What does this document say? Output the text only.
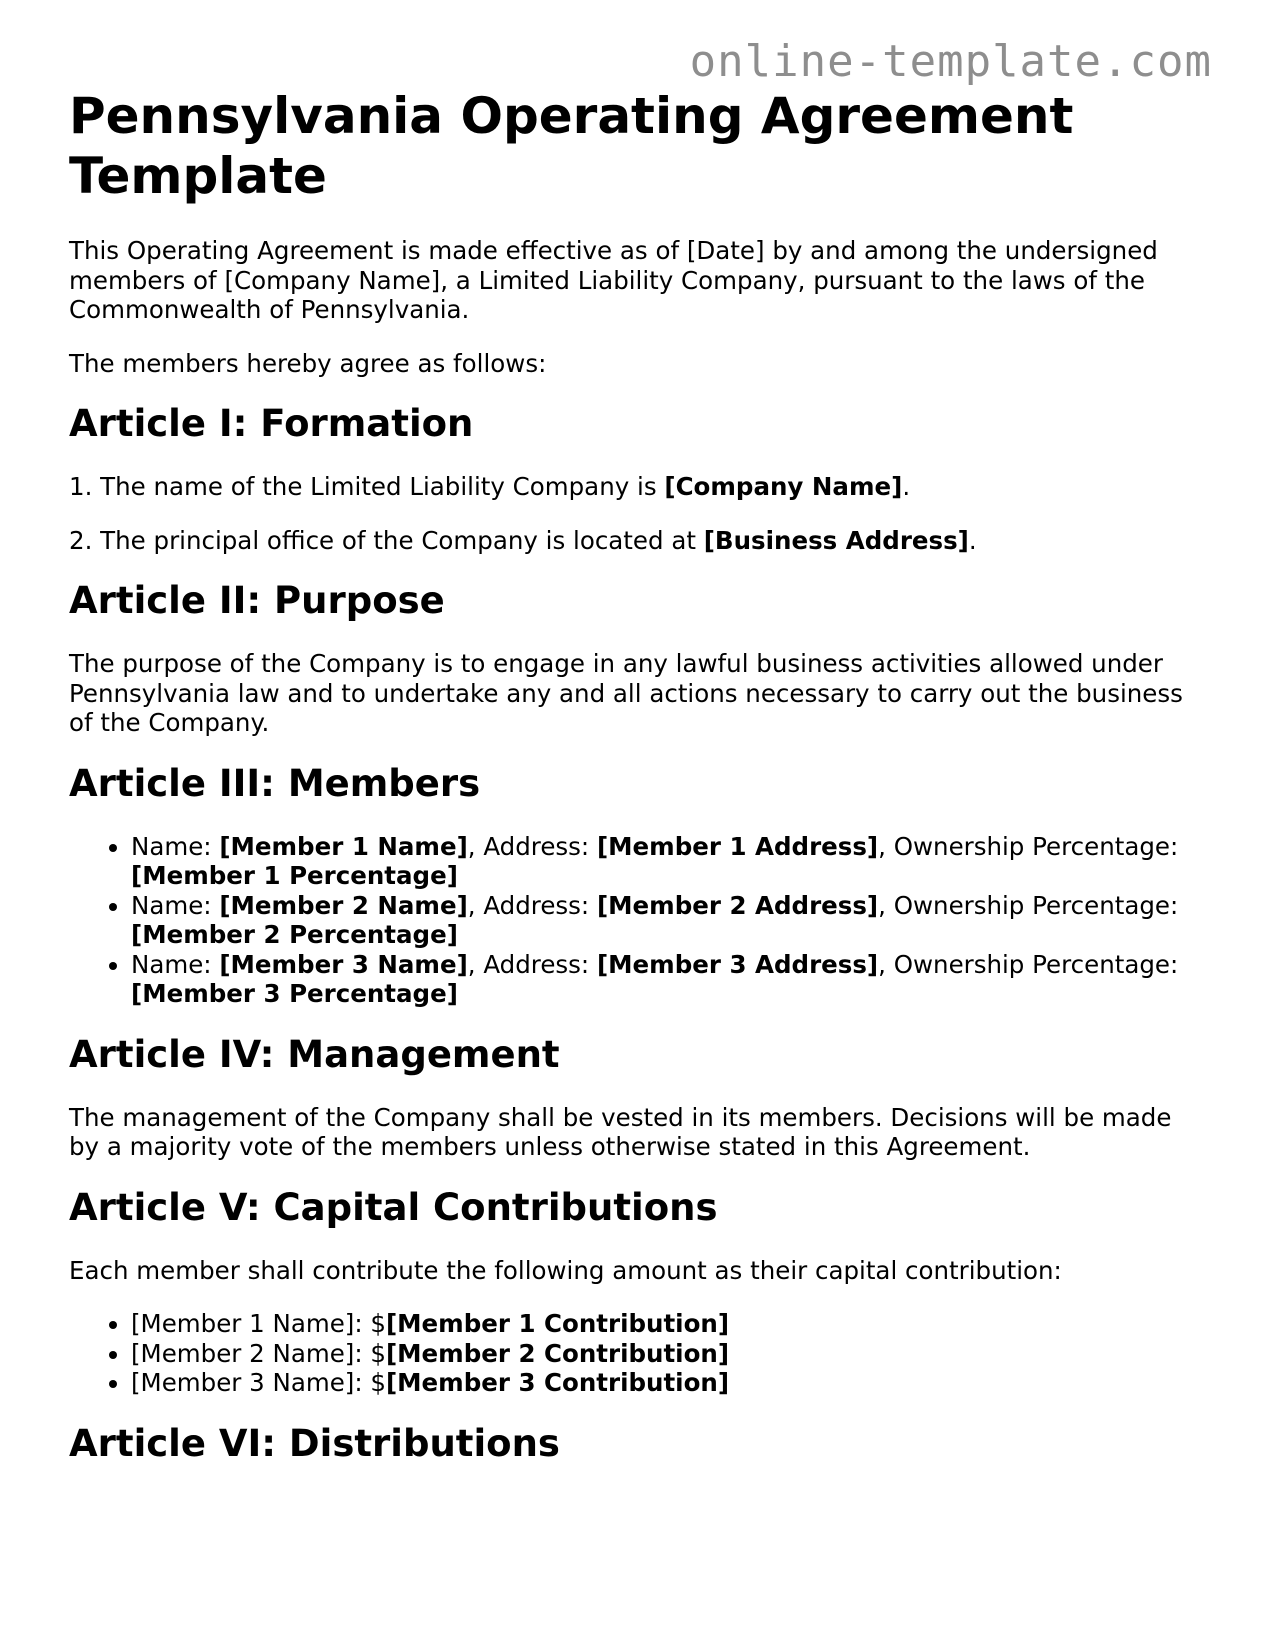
online-template.com
Pennsylvania Operating Agreement Template

This Operating Agreement is made effective as of [Date] by and among the undersigned members of [Company Name], a Limited Liability Company, pursuant to the laws of the Commonwealth of Pennsylvania.

The members hereby agree as follows:

Article I: Formation

1. The name of the Limited Liability Company is [Company Name].

2. The principal office of the Company is located at [Business Address].

Article II: Purpose

The purpose of the Company is to engage in any lawful business activities allowed under Pennsylvania law and to undertake any and all actions necessary to carry out the business of the Company.

Article III: Members
• Name: [Member 1 Name], Address: [Member 1 Address], Ownership Percentage: [Member 1 Percentage]
• Name: [Member 2 Name], Address: [Member 2 Address], Ownership Percentage: [Member 2 Percentage]
• Name: [Member 3 Name], Address: [Member 3 Address], Ownership Percentage: [Member 3 Percentage]
Article IV: Management

The management of the Company shall be vested in its members. Decisions will be made by a majority vote of the members unless otherwise stated in this Agreement.

Article V: Capital Contributions

Each member shall contribute the following amount as their capital contribution:

• [Member 1 Name]: $[Member 1 Contribution]
• [Member 2 Name]: $[Member 2 Contribution]
• [Member 3 Name]: $[Member 3 Contribution]
Article VI: Distributions
